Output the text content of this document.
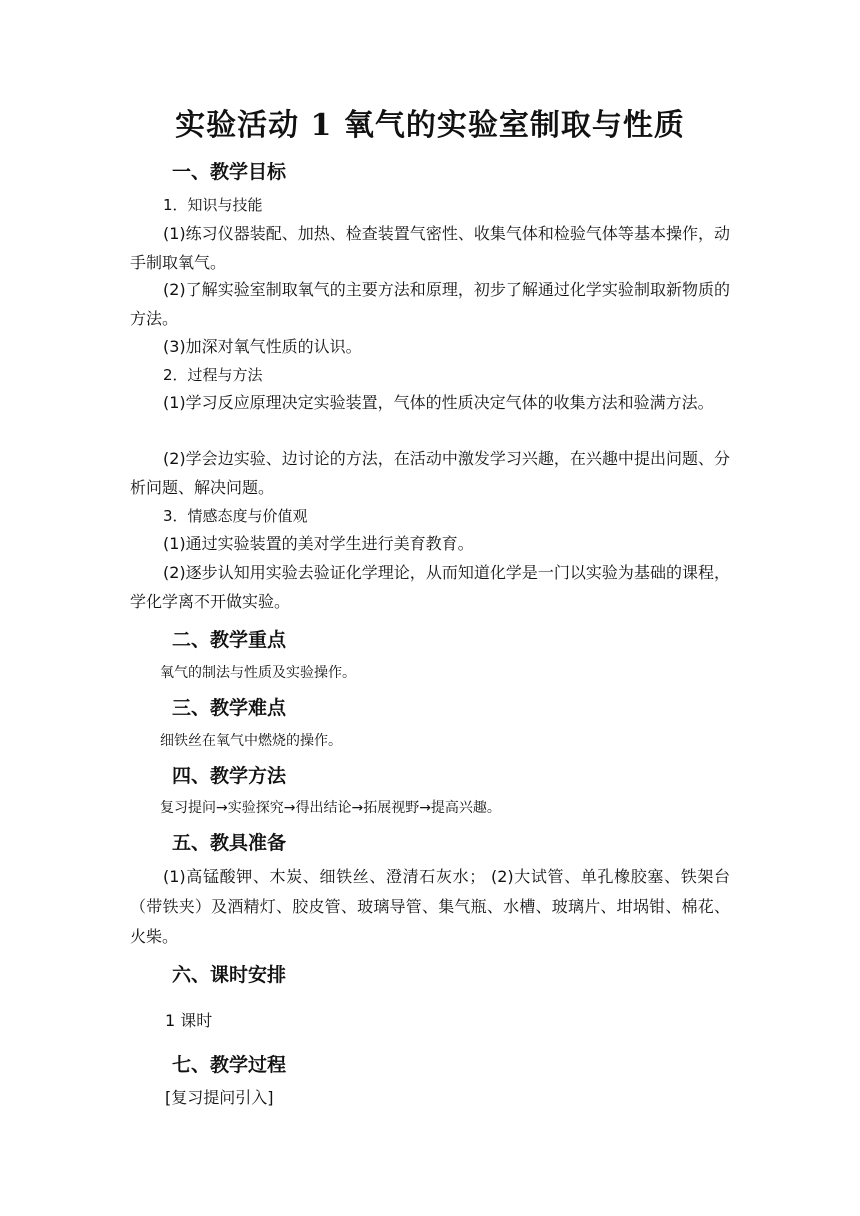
实验活动 1 氧气的实验室制取与性质
一、教学目标
1．知识与技能
(1)练习仪器装配、加热、检查装置气密性、收集气体和检验气体等基本操作，动手制取氧气。
(2)了解实验室制取氧气的主要方法和原理，初步了解通过化学实验制取新物质的方法。
(3)加深对氧气性质的认识。
2．过程与方法
(1)学习反应原理决定实验装置，气体的性质决定气体的收集方法和验满方法。
(2)学会边实验、边讨论的方法，在活动中激发学习兴趣，在兴趣中提出问题、分析问题、解决问题。
3．情感态度与价值观
(1)通过实验装置的美对学生进行美育教育。
(2)逐步认知用实验去验证化学理论，从而知道化学是一门以实验为基础的课程，学化学离不开做实验。
二、教学重点
氧气的制法与性质及实验操作。
三、教学难点
细铁丝在氧气中燃烧的操作。
四、教学方法
复习提问→实验探究→得出结论→拓展视野→提高兴趣。
五、教具准备
(1)高锰酸钾、木炭、细铁丝、澄清石灰水； (2)大试管、单孔橡胶塞、铁架台（带铁夹）及酒精灯、胶皮管、玻璃导管、集气瓶、水槽、玻璃片、坩埚钳、棉花、火柴。
六、课时安排
1 课时
七、教学过程
[复习提问引入]
